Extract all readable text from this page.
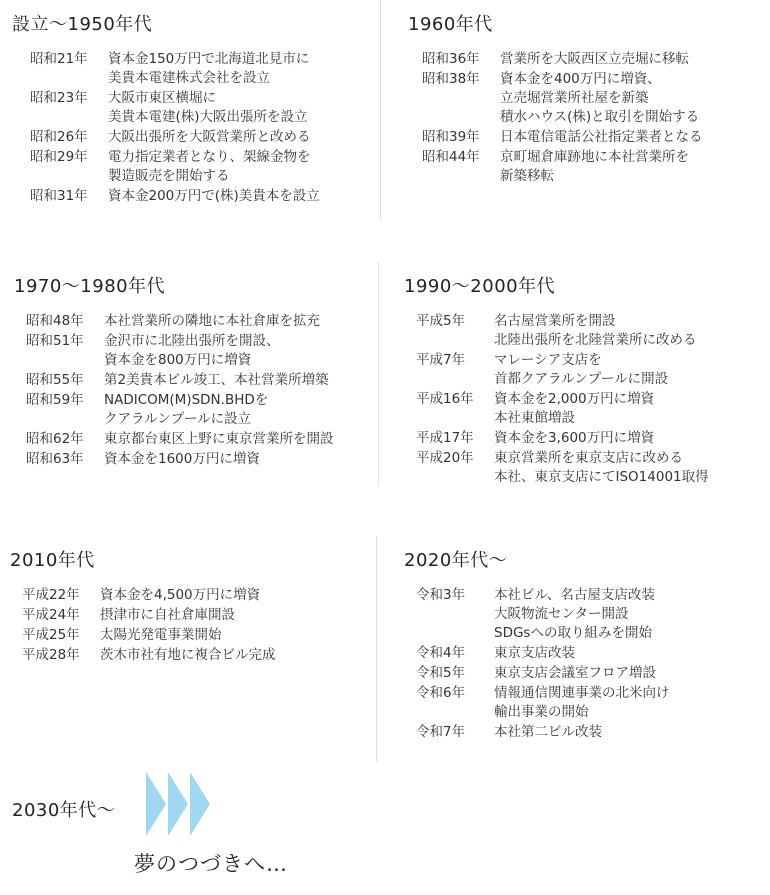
設立〜1950年代
昭和21年	資本金150万円で北海道北見市に
美貴本電建株式会社を設立
昭和23年	大阪市東区横堀に
美貴本電建(株)大阪出張所を設立
昭和26年	大阪出張所を大阪営業所と改める
昭和29年	電力指定業者となり、架線金物を
製造販売を開始する
昭和31年	資本金200万円で(株)美貴本を設立
1960年代
昭和36年	営業所を大阪西区立売堀に移転
昭和38年	資本金を400万円に増資、
立売堀営業所社屋を新築
積水ハウス(株)と取引を開始する
昭和39年	日本電信電話公社指定業者となる
昭和44年	京町堀倉庫跡地に本社営業所を
新築移転
1970〜1980年代
昭和48年	本社営業所の隣地に本社倉庫を拡充
昭和51年	金沢市に北陸出張所を開設、
資本金を800万円に増資
昭和55年	第2美貴本ビル竣工、本社営業所増築
昭和59年	NADICOM(M)SDN.BHDを
クアラルンプールに設立
昭和62年	東京都台東区上野に東京営業所を開設
昭和63年	資本金を1600万円に増資
1990〜2000年代
平成5年	名古屋営業所を開設
北陸出張所を北陸営業所に改める
平成7年	マレーシア支店を
首都クアラルンプールに開設
平成16年	資本金を2,000万円に増資
本社東館増設
平成17年	資本金を3,600万円に増資
平成20年	東京営業所を東京支店に改める
本社、東京支店にてISO14001取得
2010年代
平成22年	資本金を4,500万円に増資
平成24年	摂津市に自社倉庫開設
平成25年	太陽光発電事業開始
平成28年	茨木市社有地に複合ビル完成
2020年代〜
令和3年	本社ビル、名古屋支店改装
大阪物流センター開設
SDGsへの取り組みを開始
令和4年	東京支店改装
令和5年	東京支店会議室フロア増設
令和6年	情報通信関連事業の北米向け
輸出事業の開始
令和7年	本社第二ビル改装
2030年代〜
夢のつづきへ…
